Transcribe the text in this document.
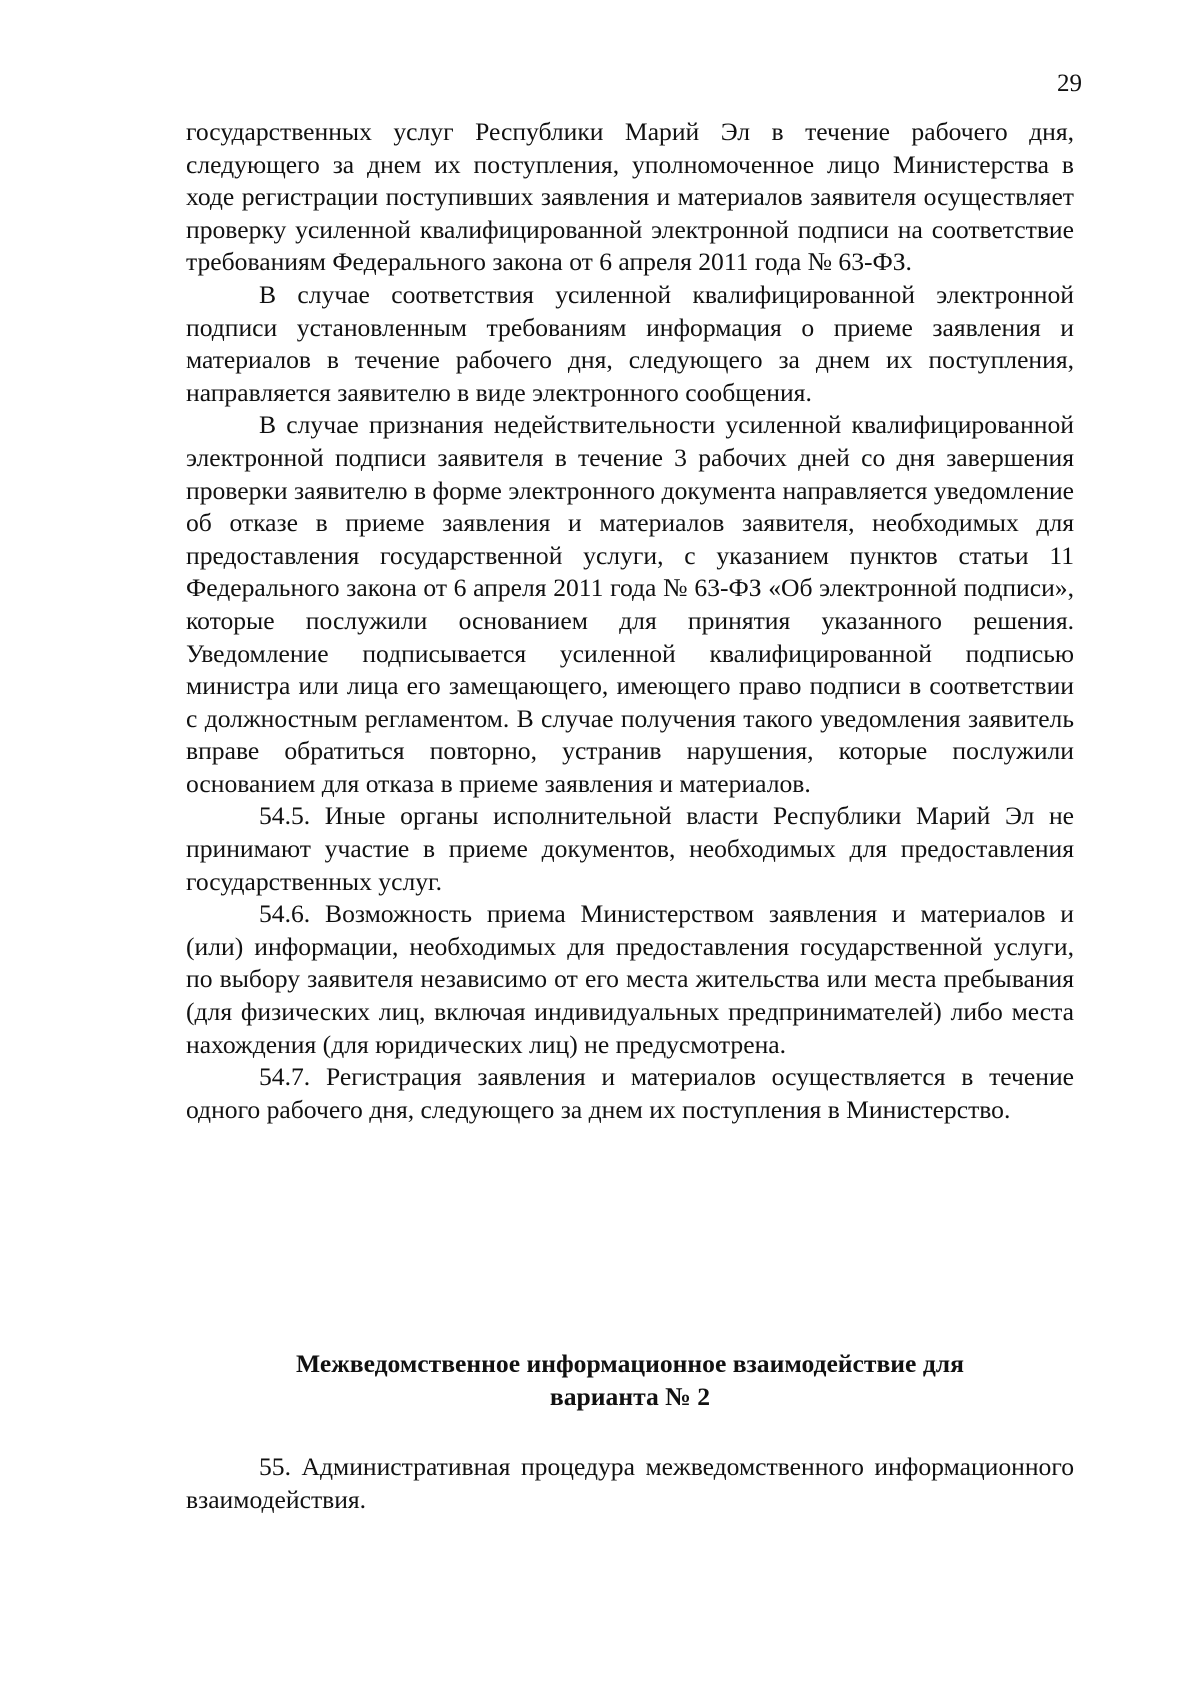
29

государственных услуг Республики Марий Эл в течение рабочего дня, следующего за днем их поступления, уполномоченное лицо Министерства в ходе регистрации поступивших заявления и материалов заявителя осуществляет проверку усиленной квалифицированной электронной подписи на соответствие требованиям Федерального закона от 6 апреля 2011 года № 63-ФЗ.

В случае соответствия усиленной квалифицированной электронной подписи установленным требованиям информация о приеме заявления и материалов в течение рабочего дня, следующего за днем их поступления, направляется заявителю в виде электронного сообщения.

В случае признания недействительности усиленной квалифицированной электронной подписи заявителя в течение 3 рабочих дней со дня завершения проверки заявителю в форме электронного документа направляется уведомление об отказе в приеме заявления и материалов заявителя, необходимых для предоставления государственной услуги, с указанием пунктов статьи 11 Федерального закона от 6 апреля 2011 года № 63-ФЗ «Об электронной подписи», которые послужили основанием для принятия указанного решения. Уведомление подписывается усиленной квалифицированной подписью министра или лица его замещающего, имеющего право подписи в соответствии с должностным регламентом. В случае получения такого уведомления заявитель вправе обратиться повторно, устранив нарушения, которые послужили основанием для отказа в приеме заявления и материалов.

54.5. Иные органы исполнительной власти Республики Марий Эл не принимают участие в приеме документов, необходимых для предоставления государственных услуг.

54.6. Возможность приема Министерством заявления и материалов и (или) информации, необходимых для предоставления государственной услуги, по выбору заявителя независимо от его места жительства или места пребывания (для физических лиц, включая индивидуальных предпринимателей) либо места нахождения (для юридических лиц) не предусмотрена.

54.7. Регистрация заявления и материалов осуществляется в течение одного рабочего дня, следующего за днем их поступления в Министерство.

Межведомственное информационное взаимодействие для
варианта № 2

55. Административная процедура межведомственного информационного взаимодействия.
